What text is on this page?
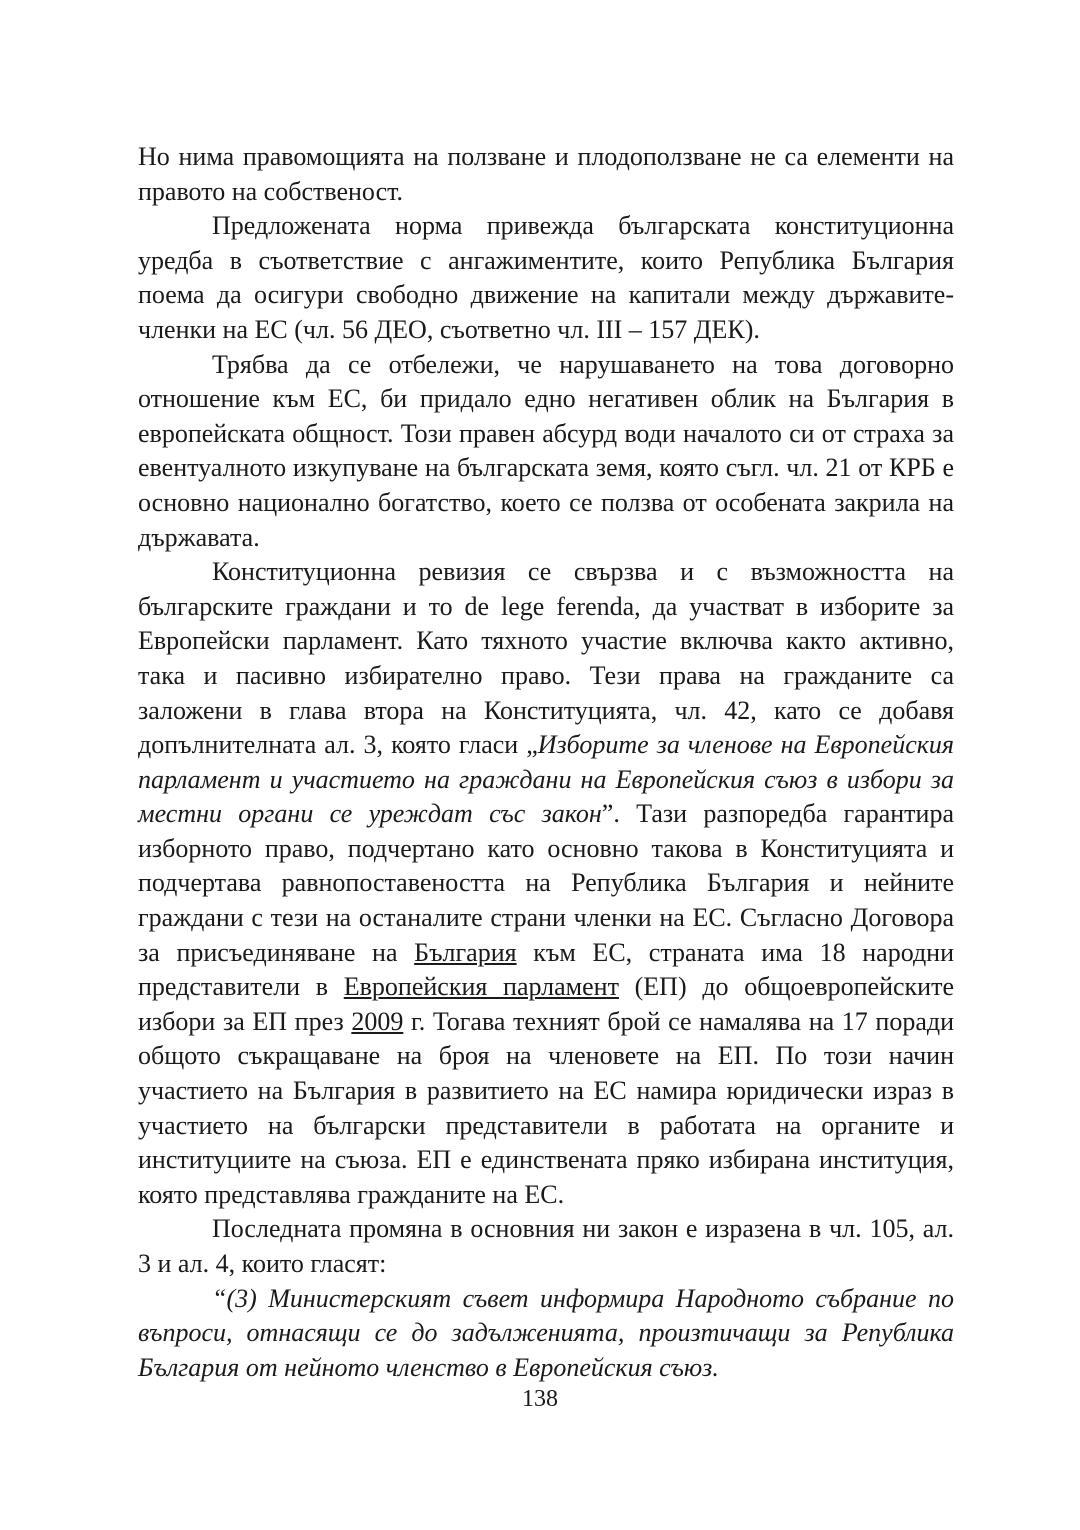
Но нима правомощията на ползване и плодоползване не са елементи на правото на собственост.

Предложената норма привежда българската конституционна уредба в съответствие с ангажиментите, които Република България поема да осигури свободно движение на капитали между държавите-членки на ЕС (чл. 56 ДЕО, съответно чл. III – 157 ДЕК).

Трябва да се отбележи, че нарушаването на това договорно отношение към ЕС, би придало едно негативен облик на България в европейската общност. Този правен абсурд води началото си от страха за евентуалното изкупуване на българската земя, която съгл. чл. 21 от КРБ е основно национално богатство, което се ползва от особената закрила на държавата.

Конституционна ревизия се свързва и с възможността на българските граждани и то de lege ferenda, да участват в изборите за Европейски парламент. Като тяхното участие включва както активно, така и пасивно избирателно право. Тези права на гражданите са заложени в глава втора на Конституцията, чл. 42, като се добавя допълнителната ал. 3, която гласи „Изборите за членове на Европейския парламент и участието на граждани на Европейския съюз в избори за местни органи се уреждат със закон”. Тази разпоредба гарантира изборното право, подчертано като основно такова в Конституцията и подчертава равнопоставеността на Република България и нейните граждани с тези на останалите страни членки на ЕС. Съгласно Договора за присъединяване на България към ЕС, страната има 18 народни представители в Европейския парламент (ЕП) до общоевропейските избори за ЕП през 2009 г. Тогава техният брой се намалява на 17 поради общото съкращаване на броя на членовете на ЕП. По този начин участието на България в развитието на ЕС намира юридически израз в участието на български представители в работата на органите и институциите на съюза. ЕП е единствената пряко избирана институция, която представлява гражданите на ЕС.

Последната промяна в основния ни закон е изразена в чл. 105, ал. 3 и ал. 4, които гласят:

“(3) Министерският съвет информира Народното събрание по въпроси, отнасящи се до задълженията, произтичащи за Република България от нейното членство в Европейския съюз.

138
